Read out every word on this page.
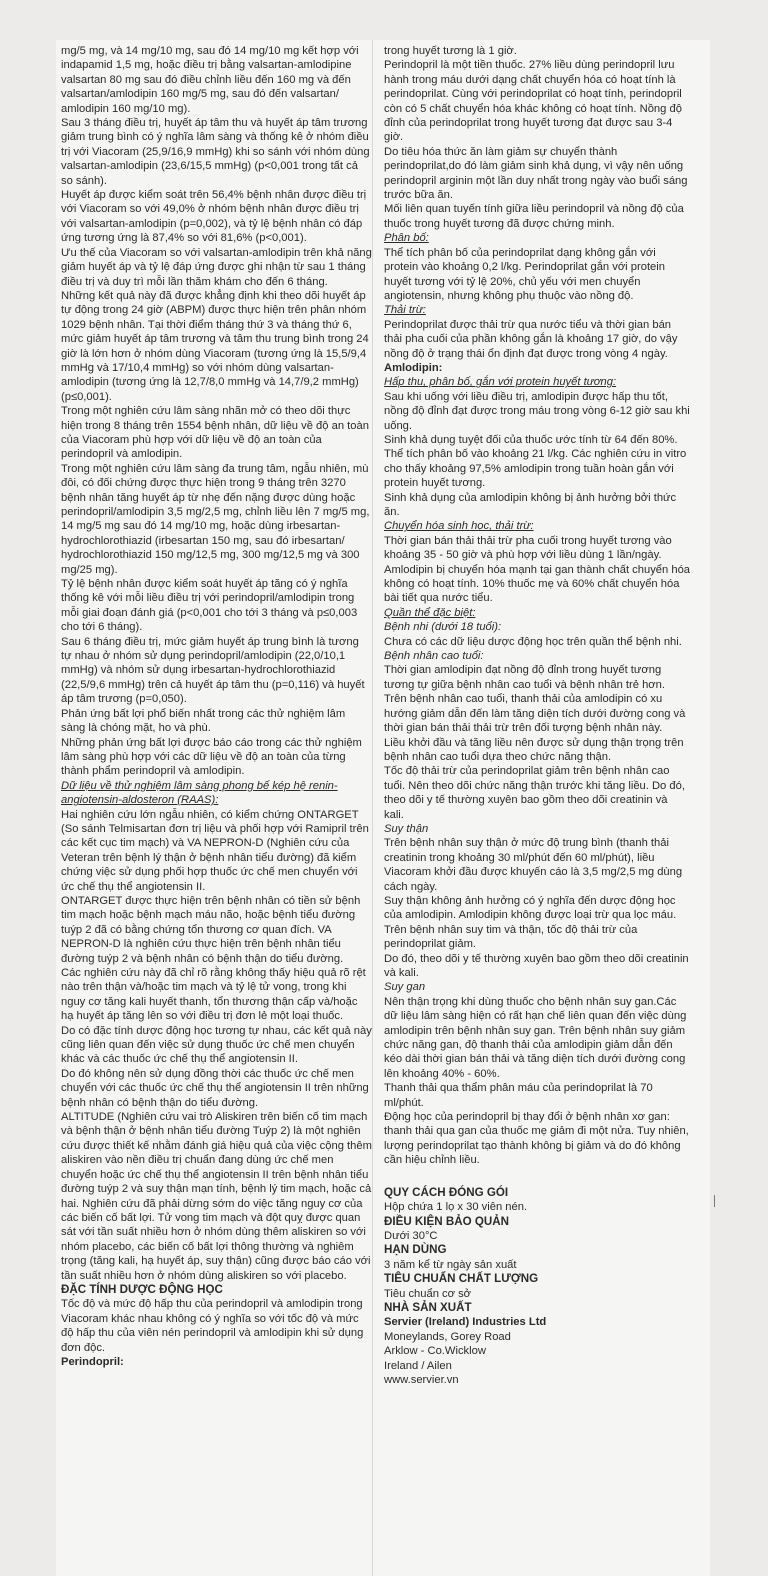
mg/5 mg, và 14 mg/10 mg, sau đó 14 mg/10 mg kết hợp với indapamid 1,5 mg, hoặc điều trị bằng valsartan-amlodipine valsartan 80 mg sau đó điều chỉnh liều đến 160 mg và đến valsartan/amlodipin 160 mg/5 mg, sau đó đến valsartan/ amlodipin 160 mg/10 mg).

Sau 3 tháng điều trị, huyết áp tâm thu và huyết áp tâm trương giảm trung bình có ý nghĩa lâm sàng và thống kê ở nhóm điều trị với Viacoram (25,9/16,9 mmHg) khi so sánh với nhóm dùng valsartan-amlodipin (23,6/15,5 mmHg) (p<0,001 trong tất cả so sánh).

Huyết áp được kiểm soát trên 56,4% bệnh nhân được điều trị với Viacoram so với 49,0% ở nhóm bệnh nhân được điều trị với valsartan-amlodipin (p=0,002), và tỷ lệ bệnh nhân có đáp ứng tương ứng là 87,4% so với 81,6% (p<0,001).

Ưu thế của Viacoram so với valsartan-amlodipin trên khả năng giảm huyết áp và tỷ lệ đáp ứng được ghi nhận từ sau 1 tháng điều trị và duy trì mỗi lần thăm khám cho đến 6 tháng.

Những kết quả này đã được khẳng định khi theo dõi huyết áp tự động trong 24 giờ (ABPM) được thực hiện trên phân nhóm 1029 bệnh nhân. Tại thời điểm tháng thứ 3 và tháng thứ 6, mức giảm huyết áp tâm trương và tâm thu trung bình trong 24 giờ là lớn hơn ở nhóm dùng Viacoram (tương ứng là 15,5/9,4 mmHg và 17/10,4 mmHg) so với nhóm dùng valsartan-amlodipin (tương ứng là 12,7/8,0 mmHg và 14,7/9,2 mmHg) (p≤0,001).

Trong một nghiên cứu lâm sàng nhãn mở có theo dõi thực hiện trong 8 tháng trên 1554 bệnh nhân, dữ liệu về độ an toàn của Viacoram phù hợp với dữ liệu về độ an toàn của perindopril và amlodipin.

Trong một nghiên cứu lâm sàng đa trung tâm, ngẫu nhiên, mù đôi, có đối chứng được thực hiện trong 9 tháng trên 3270 bệnh nhân tăng huyết áp từ nhẹ đến nặng được dùng hoặc perindopril/amlodipin 3,5 mg/2,5 mg, chỉnh liều lên 7 mg/5 mg, 14 mg/5 mg sau đó 14 mg/10 mg, hoặc dùng irbesartan-hydrochlorothiazid (irbesartan 150 mg, sau đó irbesartan/ hydrochlorothiazid 150 mg/12,5 mg, 300 mg/12,5 mg và 300 mg/25 mg).

Tỷ lệ bệnh nhân được kiểm soát huyết áp tăng có ý nghĩa thống kê với mỗi liều điều trị với perindopril/amlodipin trong mỗi giai đoạn đánh giá (p<0,001 cho tới 3 tháng và p≤0,003 cho tới 6 tháng).

Sau 6 tháng điều trị, mức giảm huyết áp trung bình là tương tự nhau ở nhóm sử dụng perindopril/amlodipin (22,0/10,1 mmHg) và nhóm sử dụng irbesartan-hydrochlorothiazid (22,5/9,6 mmHg) trên cả huyết áp tâm thu (p=0,116) và huyết áp tâm trương (p=0,050).

Phản ứng bất lợi phổ biến nhất trong các thử nghiệm lâm sàng là chóng mặt, ho và phù.

Những phản ứng bất lợi được báo cáo trong các thử nghiệm lâm sàng phù hợp với các dữ liệu về độ an toàn của từng thành phẩm perindopril và amlodipin.

Dữ liệu về thử nghiệm lâm sàng phong bế kép hệ renin-angiotensin-aldosteron (RAAS):

Hai nghiên cứu lớn ngẫu nhiên, có kiểm chứng ONTARGET (So sánh Telmisartan đơn trị liệu và phối hợp với Ramipril trên các kết cục tim mạch) và VA NEPRON-D (Nghiên cứu của Veteran trên bệnh lý thận ở bệnh nhân tiểu đường) đã kiểm chứng việc sử dụng phối hợp thuốc ức chế men chuyển với ức chế thụ thể angiotensin II.

ONTARGET được thực hiện trên bệnh nhân có tiền sử bệnh tim mạch hoặc bệnh mạch máu não, hoặc bệnh tiểu đường tuýp 2 đã có bằng chứng tổn thương cơ quan đích. VA NEPRON-D là nghiên cứu thực hiện trên bệnh nhân tiểu đường tuýp 2 và bệnh nhân có bệnh thận do tiểu đường.

Các nghiên cứu này đã chỉ rõ rằng không thấy hiệu quả rõ rệt nào trên thận và/hoặc tim mạch và tỷ lệ tử vong, trong khi nguy cơ tăng kali huyết thanh, tổn thương thận cấp và/hoặc hạ huyết áp tăng lên so với điều trị đơn lẻ một loại thuốc.

Do có đặc tính dược động học tương tự nhau, các kết quả này cũng liên quan đến việc sử dụng thuốc ức chế men chuyển khác và các thuốc ức chế thụ thể angiotensin II.

Do đó không nên sử dụng đồng thời các thuốc ức chế men chuyển với các thuốc ức chế thụ thể angiotensin II trên những bệnh nhân có bệnh thận do tiểu đường.

ALTITUDE (Nghiên cứu vai trò Aliskiren trên biến cố tim mạch và bệnh thận ở bệnh nhân tiểu đường Tuýp 2) là một nghiên cứu được thiết kế nhằm đánh giá hiệu quả của việc cộng thêm aliskiren vào nền điều trị chuẩn đang dùng ức chế men chuyển hoặc ức chế thụ thể angiotensin II trên bệnh nhân tiểu đường tuýp 2 và suy thận mạn tính, bệnh lý tim mạch, hoặc cả hai. Nghiên cứu đã phải dừng sớm do việc tăng nguy cơ của các biến cố bất lợi. Tử vong tim mạch và đột quỵ được quan sát với tần suất nhiều hơn ở nhóm dùng thêm aliskiren so với nhóm placebo, các biến cố bất lợi thông thường và nghiêm trọng (tăng kali, hạ huyết áp, suy thận) cũng được báo cáo với tần suất nhiều hơn ở nhóm dùng aliskiren so với placebo.

ĐẶC TÍNH DƯỢC ĐỘNG HỌC

Tốc độ và mức độ hấp thu của perindopril và amlodipin trong Viacoram khác nhau không có ý nghĩa so với tốc độ và mức độ hấp thu của viên nén perindopril và amlodipin khi sử dụng đơn độc.

Perindopril:

trong huyết tương là 1 giờ.

Perindopril là một tiền thuốc. 27% liều dùng perindopril lưu hành trong máu dưới dạng chất chuyển hóa có hoạt tính là perindoprilat. Cùng với perindoprilat có hoạt tính, perindopril còn có 5 chất chuyển hóa khác không có hoạt tính. Nồng độ đỉnh của perindoprilat trong huyết tương đạt được sau 3-4 giờ.

Do tiêu hóa thức ăn làm giảm sự chuyển thành perindoprilat,do đó làm giảm sinh khả dụng, vì vậy nên uống perindopril arginin một lần duy nhất trong ngày vào buổi sáng trước bữa ăn.

Mối liên quan tuyến tính giữa liều perindopril và nồng độ của thuốc trong huyết tương đã được chứng minh.

Phân bố:

Thể tích phân bố của perindoprilat dạng không gắn với protein vào khoảng 0,2 l/kg. Perindoprilat gắn với protein huyết tương với tỷ lệ 20%, chủ yếu với men chuyển angiotensin, nhưng không phụ thuộc vào nồng độ.

Thải trừ:

Perindoprilat được thải trừ qua nước tiểu và thời gian bán thải pha cuối của phần không gắn là khoảng 17 giờ, do vậy nồng độ ở trạng thái ổn định đạt được trong vòng 4 ngày.

Amlodipin:

Hấp thu, phân bố, gắn với protein huyết tương:

Sau khi uống với liều điều trị, amlodipin được hấp thu tốt, nồng độ đỉnh đạt được trong máu trong vòng 6-12 giờ sau khi uống.

Sinh khả dụng tuyệt đối của thuốc ước tính từ 64 đến 80%. Thể tích phân bố vào khoảng 21 l/kg. Các nghiên cứu in vitro cho thấy khoảng 97,5% amlodipin trong tuần hoàn gắn với protein huyết tương.

Sinh khả dụng của amlodipin không bị ảnh hưởng bởi thức ăn.

Chuyển hóa sinh học, thải trừ:

Thời gian bán thải thải trừ pha cuối trong huyết tương vào khoảng 35 - 50 giờ và phù hợp với liều dùng 1 lần/ngày. Amlodipin bị chuyển hóa mạnh tại gan thành chất chuyển hóa không có hoạt tính. 10% thuốc mẹ và 60% chất chuyển hóa bài tiết qua nước tiểu.

Quần thể đặc biệt:

Bệnh nhi (dưới 18 tuổi):

Chưa có các dữ liệu dược động học trên quần thể bệnh nhi.

Bệnh nhân cao tuổi:

Thời gian amlodipin đạt nồng độ đỉnh trong huyết tương tương tự giữa bệnh nhân cao tuổi và bệnh nhân trẻ hơn. Trên bệnh nhân cao tuổi, thanh thải của amlodipin có xu hướng giảm dẫn đến làm tăng diện tích dưới đường cong và thời gian bán thải thải trừ trên đối tượng bệnh nhân này.

Liều khởi đầu và tăng liều nên được sử dụng thận trọng trên bệnh nhân cao tuổi dựa theo chức năng thận.

Tốc độ thải trừ của perindoprilat giảm trên bệnh nhân cao tuổi. Nên theo dõi chức năng thận trước khi tăng liều. Do đó, theo dõi y tế thường xuyên bao gồm theo dõi creatinin và kali.

Suy thận

Trên bệnh nhân suy thận ở mức độ trung bình (thanh thải creatinin trong khoảng 30 ml/phút đến 60 ml/phút), liều Viacoram khởi đầu được khuyến cáo là 3,5 mg/2,5 mg dùng cách ngày.

Suy thận không ảnh hưởng có ý nghĩa đến dược động học của amlodipin. Amlodipin không được loại trừ qua lọc máu.

Trên bệnh nhân suy tim và thận, tốc độ thải trừ của perindoprilat giảm.

Do đó, theo dõi y tế thường xuyên bao gồm theo dõi creatinin và kali.

Suy gan

Nên thận trọng khi dùng thuốc cho bệnh nhân suy gan.Các dữ liệu lâm sàng hiện có rất hạn chế liên quan đến việc dùng amlodipin trên bệnh nhân suy gan. Trên bệnh nhân suy giảm chức năng gan, độ thanh thải của amlodipin giảm dẫn đến kéo dài thời gian bán thải và tăng diện tích dưới đường cong lên khoảng 40% - 60%.

Thanh thải qua thẩm phân máu của perindoprilat là 70 ml/phút.

Động học của perindopril bị thay đổi ở bệnh nhân xơ gan: thanh thải qua gan của thuốc mẹ giảm đi một nửa. Tuy nhiên, lượng perindoprilat tạo thành không bị giảm và do đó không cần hiệu chỉnh liều.

QUY CÁCH ĐÓNG GÓI

Hộp chứa 1 lọ x 30 viên nén.

ĐIỀU KIỆN BẢO QUẢN

Dưới 30°C

HẠN DÙNG

3 năm kể từ ngày sản xuất

TIÊU CHUẨN CHẤT LƯỢNG

Tiêu chuẩn cơ sở

NHÀ SẢN XUẤT

Servier (Ireland) Industries Ltd

Moneylands, Gorey Road

Arklow - Co.Wicklow

Ireland / Ailen

www.servier.vn
